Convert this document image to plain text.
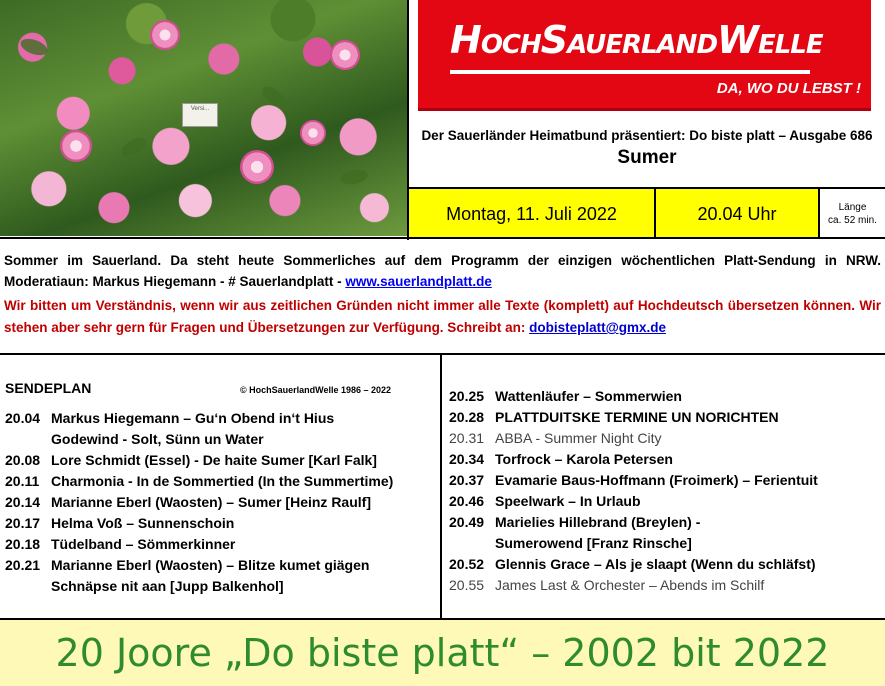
Versi...
HOCHSAUERLANDWELLE
DA, WO DU LEBST !
Der Sauerländer Heimatbund präsentiert: Do biste platt – Ausgabe 686
Sumer
Montag, 11. Juli 2022	20.04 Uhr	Länge
ca. 52 min.
Sommer im Sauerland. Da steht heute Sommerliches auf dem Programm der einzigen wöchentlichen Platt-Sendung in NRW. Moderatiaun: Markus Hiegemann - # Sauerlandplatt - www.sauerlandplatt.de
Wir bitten um Verständnis, wenn wir aus zeitlichen Gründen nicht immer alle Texte (komplett) auf Hochdeutsch übersetzen können. Wir stehen aber sehr gern für Fragen und Übersetzungen zur Verfügung. Schreibt an: dobisteplatt@gmx.de
SENDEPLAN	© HochSauerlandWelle 1986 – 2022
20.04 Markus Hiegemann – Gu‘n Obend in‘t Hius
Godewind - Solt, Sünn un Water
20.08 Lore Schmidt (Essel) - De haite Sumer [Karl Falk]
20.11 Charmonia - In de Sommertied (In the Summertime)
20.14 Marianne Eberl (Waosten) – Sumer [Heinz Raulf]
20.17 Helma Voß – Sunnenschoin
20.18 Tüdelband – Sömmerkinner
20.21 Marianne Eberl (Waosten) – Blitze kumet giägen
Schnäpse nit aan [Jupp Balkenhol]
20.25 Wattenläufer – Sommerwien
20.28 PLATTDUITSKE TERMINE UN NORICHTEN
20.31 ABBA - Summer Night City
20.34 Torfrock – Karola Petersen
20.37 Evamarie Baus-Hoffmann (Froimerk) – Ferientuit
20.46 Speelwark – In Urlaub
20.49 Marielies Hillebrand (Breylen) -
Sumerowend [Franz Rinsche]
20.52 Glennis Grace – Als je slaapt (Wenn du schläfst)
20.55 James Last & Orchester – Abends im Schilf
20 Joore „Do biste platt“ – 2002 bit 2022
